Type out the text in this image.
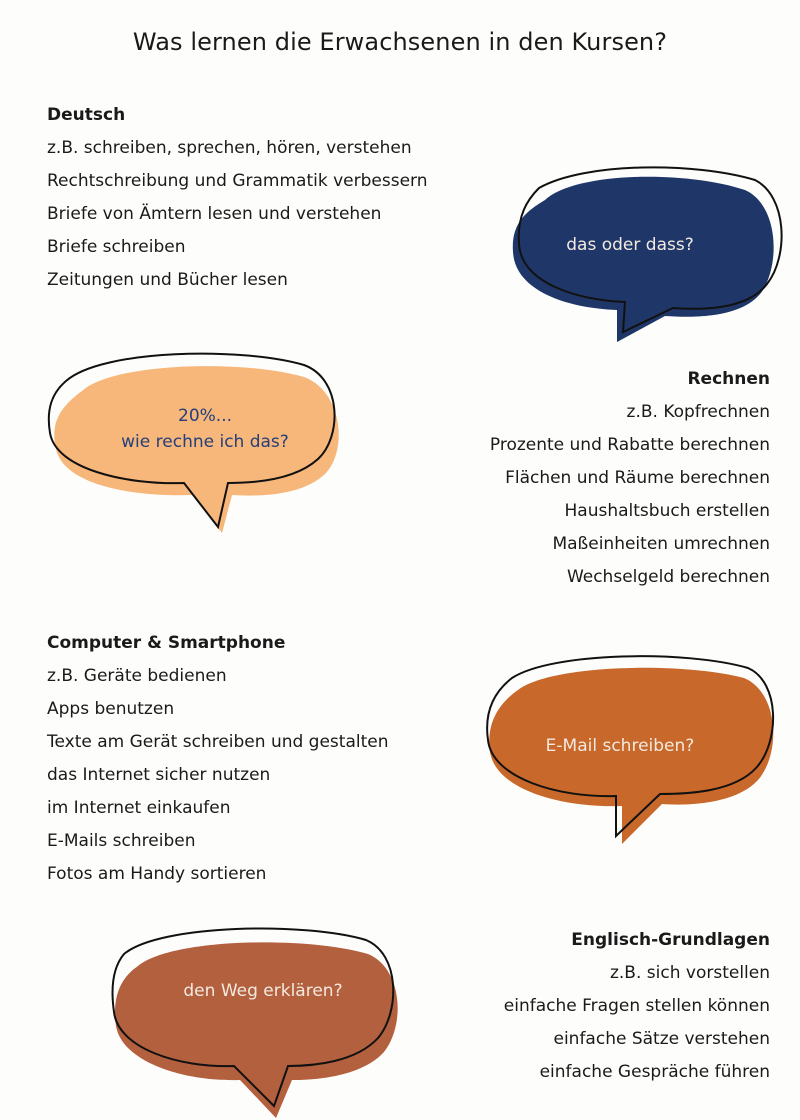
Was lernen die Erwachsenen in den Kursen?
Deutsch
z.B. schreiben, sprechen, hören, verstehen
Rechtschreibung und Grammatik verbessern
Briefe von Ämtern lesen und verstehen
Briefe schreiben
Zeitungen und Bücher lesen
das oder dass?
20%...
wie rechne ich das?
Rechnen
z.B. Kopfrechnen
Prozente und Rabatte berechnen
Flächen und Räume berechnen
Haushaltsbuch erstellen
Maßeinheiten umrechnen
Wechselgeld berechnen
Computer & Smartphone
z.B. Geräte bedienen
Apps benutzen
Texte am Gerät schreiben und gestalten
das Internet sicher nutzen
im Internet einkaufen
E-Mails schreiben
Fotos am Handy sortieren
E-Mail schreiben?
den Weg erklären?
Englisch-Grundlagen
z.B. sich vorstellen
einfache Fragen stellen können
einfache Sätze verstehen
einfache Gespräche führen
